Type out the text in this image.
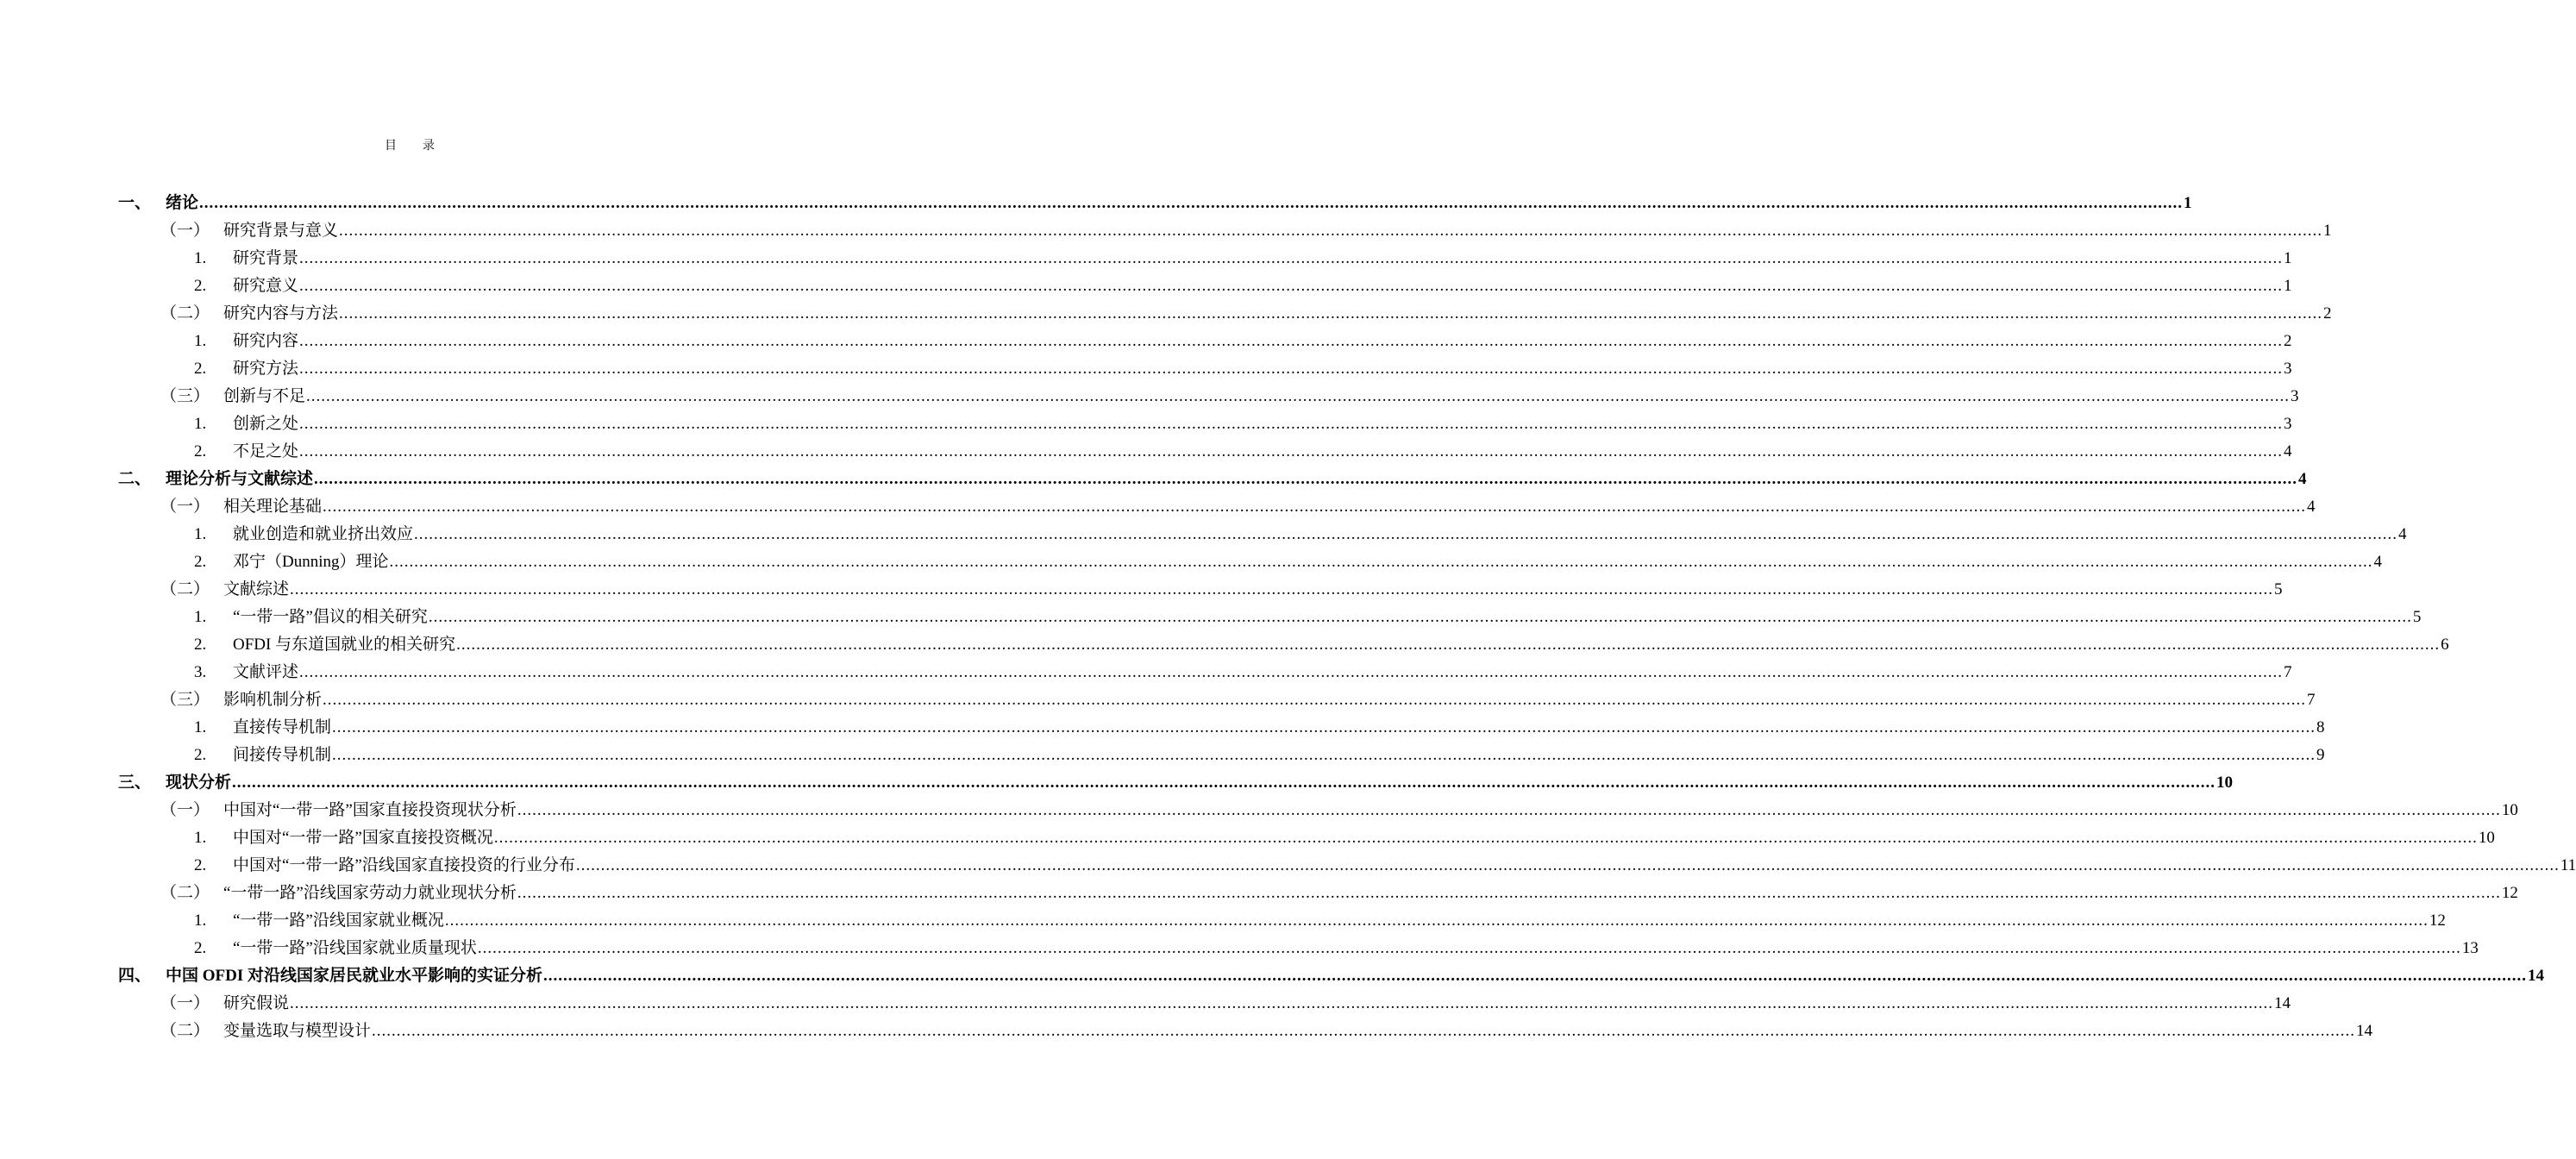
目 录
一、 绪论 ................................................................................................................................................................................................................................................................................................................................................................................................................ 1
（一） 研究背景与意义 ................................................................................................................................................................................................................................................................................................................................................................................................................ 1
1. 研究背景 ................................................................................................................................................................................................................................................................................................................................................................................................................ 1
2. 研究意义 ................................................................................................................................................................................................................................................................................................................................................................................................................ 1
（二） 研究内容与方法 ................................................................................................................................................................................................................................................................................................................................................................................................................ 2
1. 研究内容 ................................................................................................................................................................................................................................................................................................................................................................................................................ 2
2. 研究方法 ................................................................................................................................................................................................................................................................................................................................................................................................................ 3
（三） 创新与不足 ................................................................................................................................................................................................................................................................................................................................................................................................................ 3
1. 创新之处 ................................................................................................................................................................................................................................................................................................................................................................................................................ 3
2. 不足之处 ................................................................................................................................................................................................................................................................................................................................................................................................................ 4
二、 理论分析与文献综述 ................................................................................................................................................................................................................................................................................................................................................................................................................ 4
（一） 相关理论基础 ................................................................................................................................................................................................................................................................................................................................................................................................................ 4
1. 就业创造和就业挤出效应 ................................................................................................................................................................................................................................................................................................................................................................................................................ 4
2. 邓宁（Dunning）理论 ................................................................................................................................................................................................................................................................................................................................................................................................................ 4
（二） 文献综述 ................................................................................................................................................................................................................................................................................................................................................................................................................ 5
1. “一带一路”倡议的相关研究 ................................................................................................................................................................................................................................................................................................................................................................................................................ 5
2. OFDI 与东道国就业的相关研究 ................................................................................................................................................................................................................................................................................................................................................................................................................ 6
3. 文献评述 ................................................................................................................................................................................................................................................................................................................................................................................................................ 7
（三） 影响机制分析 ................................................................................................................................................................................................................................................................................................................................................................................................................ 7
1. 直接传导机制 ................................................................................................................................................................................................................................................................................................................................................................................................................ 8
2. 间接传导机制 ................................................................................................................................................................................................................................................................................................................................................................................................................ 9
三、 现状分析 ................................................................................................................................................................................................................................................................................................................................................................................................................ 10
（一） 中国对“一带一路”国家直接投资现状分析 ................................................................................................................................................................................................................................................................................................................................................................................................................ 10
1. 中国对“一带一路”国家直接投资概况 ................................................................................................................................................................................................................................................................................................................................................................................................................ 10
2. 中国对“一带一路”沿线国家直接投资的行业分布 ................................................................................................................................................................................................................................................................................................................................................................................................................ 11
（二） “一带一路”沿线国家劳动力就业现状分析 ................................................................................................................................................................................................................................................................................................................................................................................................................ 12
1. “一带一路”沿线国家就业概况 ................................................................................................................................................................................................................................................................................................................................................................................................................ 12
2. “一带一路”沿线国家就业质量现状 ................................................................................................................................................................................................................................................................................................................................................................................................................ 13
四、 中国 OFDI 对沿线国家居民就业水平影响的实证分析 ................................................................................................................................................................................................................................................................................................................................................................................................................ 14
（一） 研究假说 ................................................................................................................................................................................................................................................................................................................................................................................................................ 14
（二） 变量选取与模型设计 ................................................................................................................................................................................................................................................................................................................................................................................................................ 14
